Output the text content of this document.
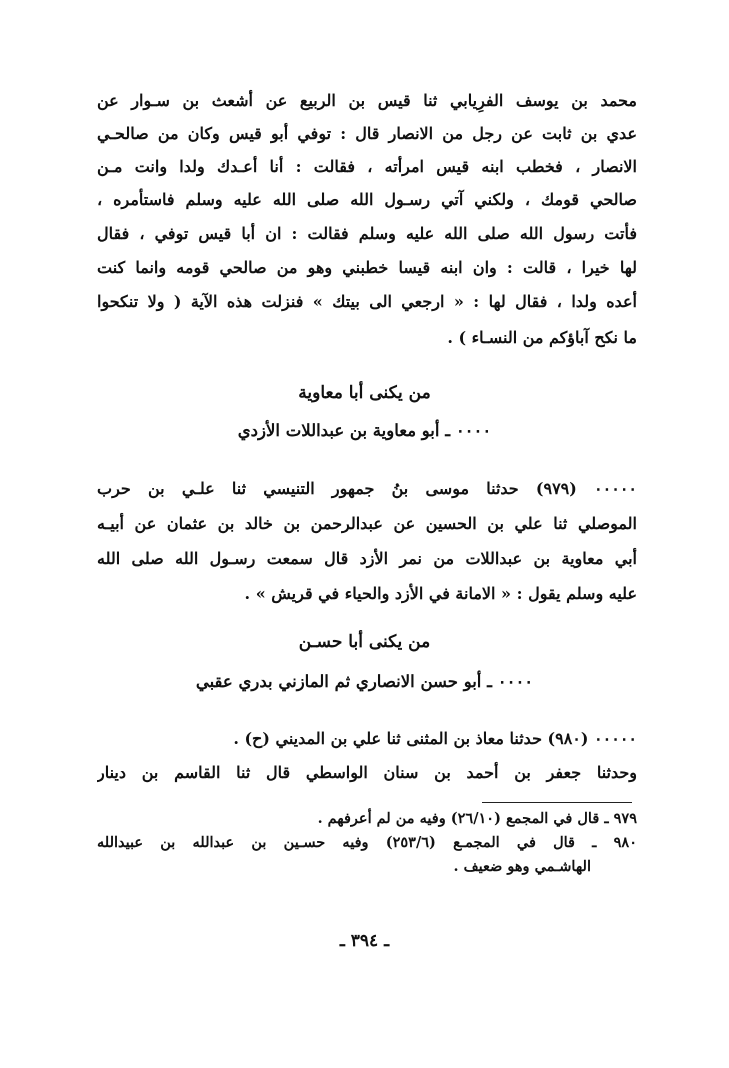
محمد بن يوسف الفرِيابي ثنا قيس بن الربيع عن أشعث بن سـوار عن
عدي بن ثابت عن رجل من الانصار قال : توفي أبو قيس وكان من صالحـي
الانصار ، فخطب ابنه قيس امرأته ، فقالت : أنا أعـدك ولدا وانت مـن
صالحي قومك ، ولكني آتي رسـول الله صلى الله عليه وسلم فاستأمره ،
فأتت رسول الله صلى الله عليه وسلم فقالت : ان أبا قيس توفي ، فقال
لها خيرا ، قالت : وان ابنه قيسا خطبني وهو من صالحي قومه وانما كنت
أعده ولدا ، فقال لها : « ارجعي الى بيتك » فنزلت هذه الآية ( ولا تنكحوا
ما نكح آباؤكم من النسـاء ) .
من يكنى أبا معاوية
٠٠٠٠ ـ أبو معاوية بن عبداللات الأزدي
٠٠٠٠٠ (٩٧٩) حدثنا موسى بنُ جمهور التنيسي ثنا علـي بن حرب
الموصلي ثنا علي بن الحسين عن عبدالرحمن بن خالد بن عثمان عن أبيـه
أبي معاوية بن عبداللات من نمر الأزد قال سمعت رسـول الله صلى الله
عليه وسلم يقول : « الامانة في الأزد والحياء في قريش » .
من يكنى أبا حسـن
٠٠٠٠ ـ أبو حسن الانصاري ثم المازني بدري عقبي
٠٠٠٠٠ (٩٨٠) حدثنا معاذ بن المثنى ثنا علي بن المديني (ح) .
وحدثنا جعفر بن أحمد بن سنان الواسطي قال ثنا القاسم بن دينار
٩٧٩ ـ قال في المجمع (٢٦/١٠) وفيه من لم أعرفهم .
٩٨٠ ـ قال في المجمـع (٢٥٣/٦) وفيه حسـين بن عبدالله بن عبيدالله
الهاشـمي وهو ضعيف .
ـ ٣٩٤ ـ
